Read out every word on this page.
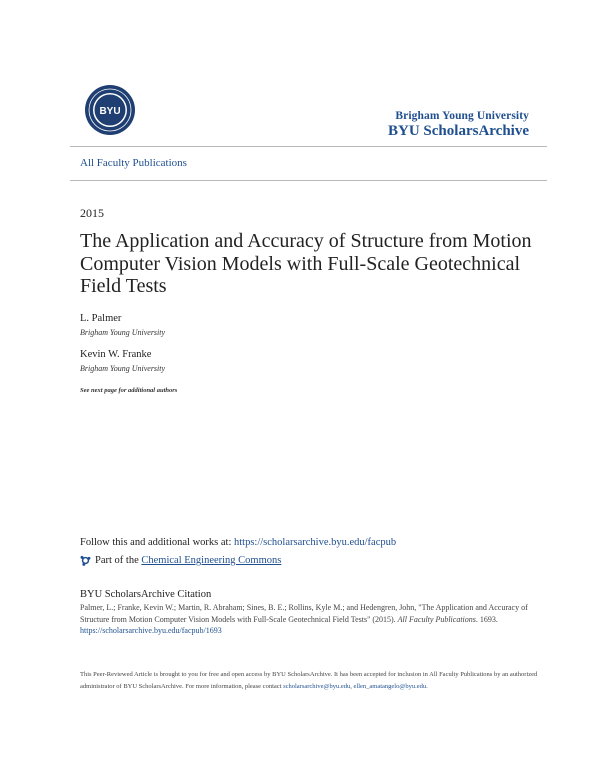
BYU	Brigham Young University
BYU ScholarsArchive
All Faculty Publications
2015
The Application and Accuracy of Structure from Motion Computer Vision Models with Full-Scale Geotechnical Field Tests
L. Palmer
Brigham Young University
Kevin W. Franke
Brigham Young University
See next page for additional authors
Follow this and additional works at: https://scholarsarchive.byu.edu/facpub
Part of the
Chemical Engineering Commons
BYU ScholarsArchive Citation
Palmer, L.; Franke, Kevin W.; Martin, R. Abraham; Sines, B. E.; Rollins, Kyle M.; and Hedengren, John, "The Application and Accuracy of Structure from Motion Computer Vision Models with Full-Scale Geotechnical Field Tests" (2015). All Faculty Publications. 1693.
https://scholarsarchive.byu.edu/facpub/1693
This Peer-Reviewed Article is brought to you for free and open access by BYU ScholarsArchive. It has been accepted for inclusion in All Faculty Publications by an authorized administrator of BYU ScholarsArchive. For more information, please contact scholarsarchive@byu.edu, ellen_amatangelo@byu.edu.
